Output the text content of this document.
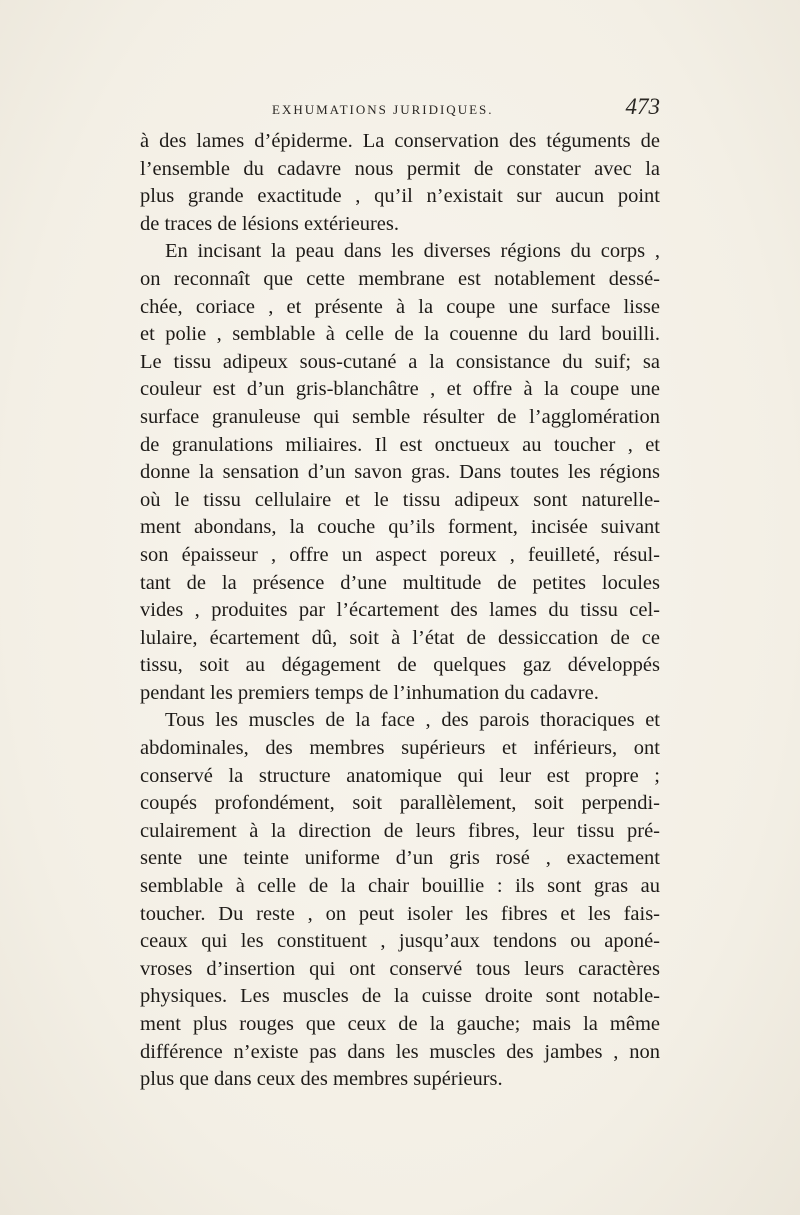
EXHUMATIONS JURIDIQUES.	473
à des lames d’épiderme. La conservation des téguments de
l’ensemble du cadavre nous permit de constater avec la
plus grande exactitude , qu’il n’existait sur aucun point
de traces de lésions extérieures.
En incisant la peau dans les diverses régions du corps ,
on reconnaît que cette membrane est notablement dessé-
chée, coriace , et présente à la coupe une surface lisse
et polie , semblable à celle de la couenne du lard bouilli.
Le tissu adipeux sous-cutané a la consistance du suif; sa
couleur est d’un gris-blanchâtre , et offre à la coupe une
surface granuleuse qui semble résulter de l’agglomération
de granulations miliaires. Il est onctueux au toucher , et
donne la sensation d’un savon gras. Dans toutes les régions
où le tissu cellulaire et le tissu adipeux sont naturelle-
ment abondans, la couche qu’ils forment, incisée suivant
son épaisseur , offre un aspect poreux , feuilleté, résul-
tant de la présence d’une multitude de petites locules
vides , produites par l’écartement des lames du tissu cel-
lulaire, écartement dû, soit à l’état de dessiccation de ce
tissu, soit au dégagement de quelques gaz développés
pendant les premiers temps de l’inhumation du cadavre.
Tous les muscles de la face , des parois thoraciques et
abdominales, des membres supérieurs et inférieurs, ont
conservé la structure anatomique qui leur est propre ;
coupés profondément, soit parallèlement, soit perpendi-
culairement à la direction de leurs fibres, leur tissu pré-
sente une teinte uniforme d’un gris rosé , exactement
semblable à celle de la chair bouillie : ils sont gras au
toucher. Du reste , on peut isoler les fibres et les fais-
ceaux qui les constituent , jusqu’aux tendons ou aponé-
vroses d’insertion qui ont conservé tous leurs caractères
physiques. Les muscles de la cuisse droite sont notable-
ment plus rouges que ceux de la gauche; mais la même
différence n’existe pas dans les muscles des jambes , non
plus que dans ceux des membres supérieurs.
